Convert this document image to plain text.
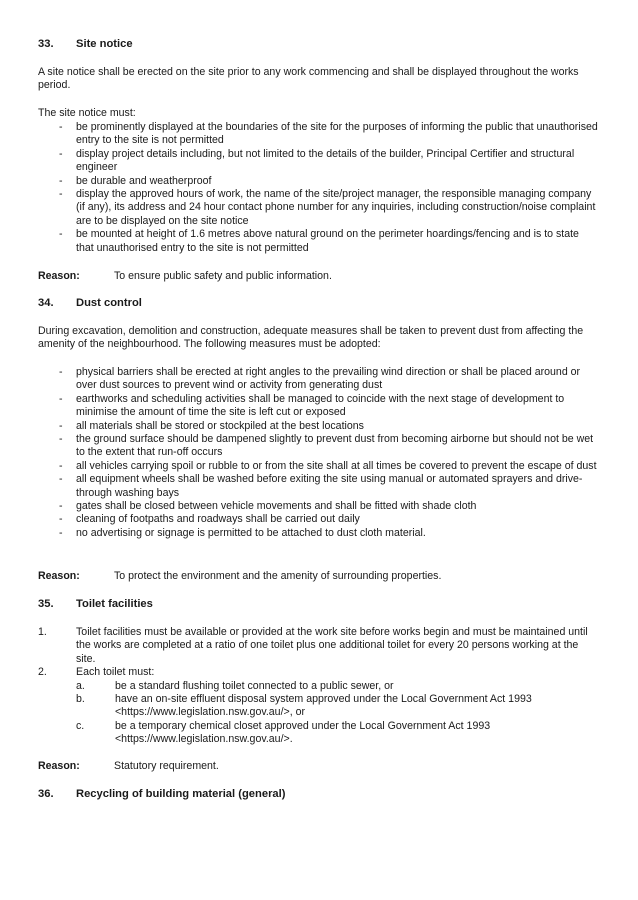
33. Site notice
A site notice shall be erected on the site prior to any work commencing and shall be displayed throughout the works period.
The site notice must:
- be prominently displayed at the boundaries of the site for the purposes of informing the public that unauthorised entry to the site is not permitted
- display project details including, but not limited to the details of the builder, Principal Certifier and structural engineer
- be durable and weatherproof
- display the approved hours of work, the name of the site/project manager, the responsible managing company (if any), its address and 24 hour contact phone number for any inquiries, including construction/noise complaint are to be displayed on the site notice
- be mounted at height of 1.6 metres above natural ground on the perimeter hoardings/fencing and is to state that unauthorised entry to the site is not permitted
Reason:	To ensure public safety and public information.
34. Dust control
During excavation, demolition and construction, adequate measures shall be taken to prevent dust from affecting the amenity of the neighbourhood. The following measures must be adopted:
- physical barriers shall be erected at right angles to the prevailing wind direction or shall be placed around or over dust sources to prevent wind or activity from generating dust
- earthworks and scheduling activities shall be managed to coincide with the next stage of development to minimise the amount of time the site is left cut or exposed
- all materials shall be stored or stockpiled at the best locations
- the ground surface should be dampened slightly to prevent dust from becoming airborne but should not be wet to the extent that run-off occurs
- all vehicles carrying spoil or rubble to or from the site shall at all times be covered to prevent the escape of dust
- all equipment wheels shall be washed before exiting the site using manual or automated sprayers and drive-through washing bays
- gates shall be closed between vehicle movements and shall be fitted with shade cloth
- cleaning of footpaths and roadways shall be carried out daily
- no advertising or signage is permitted to be attached to dust cloth material.
Reason:	To protect the environment and the amenity of surrounding properties.
35. Toilet facilities
1.	Toilet facilities must be available or provided at the work site before works begin and must be maintained until the works are completed at a ratio of one toilet plus one additional toilet for every 20 persons working at the site.
2.	Each toilet must:
a.	be a standard flushing toilet connected to a public sewer, or
b.	have an on-site effluent disposal system approved under the Local Government Act 1993 <https://www.legislation.nsw.gov.au/>, or
c.	be a temporary chemical closet approved under the Local Government Act 1993 <https://www.legislation.nsw.gov.au/>.
Reason:	Statutory requirement.
36. Recycling of building material (general)
